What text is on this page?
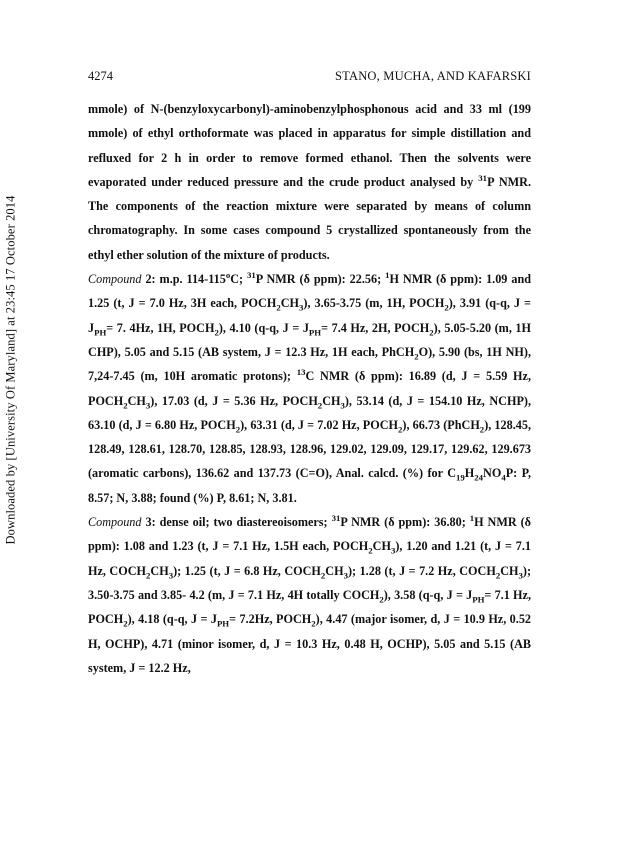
Downloaded by [University Of Maryland] at 23:45 17 October 2014
4274	STANO, MUCHA, AND KAFARSKI

mmole) of N-(benzyloxycarbonyl)-aminobenzylphosphonous acid and 33 ml (199 mmole) of ethyl orthoformate was placed in apparatus for simple distillation and refluxed for 2 h in order to remove formed ethanol. Then the solvents were evaporated under reduced pressure and the crude product analysed by $^{31}$P NMR. The components of the reaction mixture were separated by means of column chromatography. In some cases compound 5 crystallized spontaneously from the ethyl ether solution of the mixture of products.

Compound 2: m.p. 114-115$^o$C; $^{31}$P NMR (δ ppm): 22.56; $^1$H NMR (δ ppm): 1.09 and 1.25 (t, J = 7.0 Hz, 3H each, $POCH_2CH_3$), 3.65-3.75 (m, 1H, $POCH_2$), 3.91 (q-q, $J = J_{PH}= 7$. 4Hz, 1H, $POCH_2$), 4.10 (q-q, $J = J_{PH}= 7.4$ Hz, 2H, $POCH_2$), 5.05-5.20 (m, 1H CHP), 5.05 and 5.15 (AB system, J = 12.3 Hz, 1H each, PhCH$_2$O), 5.90 (bs, 1H NH), 7,24-7.45 (m, 10H aromatic protons); $^{13}$C NMR (δ ppm): 16.89 (d, J = 5.59 Hz, $POCH_2CH_3$), 17.03 (d, J = 5.36 Hz, $POCH_2CH_3$), 53.14 (d, J = 154.10 Hz, NCHP), 63.10 (d, J = 6.80 Hz, $POCH_2$), 63.31 (d, J = 7.02 Hz, $POCH_2$), 66.73 (PhCH$_2$), 128.45, 128.49, 128.61, 128.70, 128.85, 128.93, 128.96, 129.02, 129.09, 129.17, 129.62, 129.673 (aromatic carbons), 136.62 and 137.73 (C=O), Anal. calcd. (%) for $C_{19}H_{24}NO_4P$: P, 8.57; N, 3.88; found (%) P, 8.61; N, 3.81.

Compound 3: dense oil; two diastereoisomers; $^{31}$P NMR (δ ppm): 36.80; $^1$H NMR (δ ppm): 1.08 and 1.23 (t, J = 7.1 Hz, 1.5H each, $POCH_2CH_3$), 1.20 and 1.21 (t, J = 7.1 Hz, $COCH_2CH_3$); 1.25 (t, J = 6.8 Hz, $COCH_2CH_3$); 1.28 (t, J = 7.2 Hz, $COCH_2CH_3$); 3.50-3.75 and 3.85- 4.2 (m, J = 7.1 Hz, 4H totally $COCH_2$), 3.58 (q-q, $J = J_{PH}= 7.1$ Hz, $POCH_2$), 4.18 (q-q, $J = J_{PH}= 7.2Hz$, $POCH_2$), 4.47 (major isomer, d, J = 10.9 Hz, 0.52 H, OCHP), 4.71 (minor isomer, d, J = 10.3 Hz, 0.48 H, OCHP), 5.05 and 5.15 (AB system, J = 12.2 Hz,
